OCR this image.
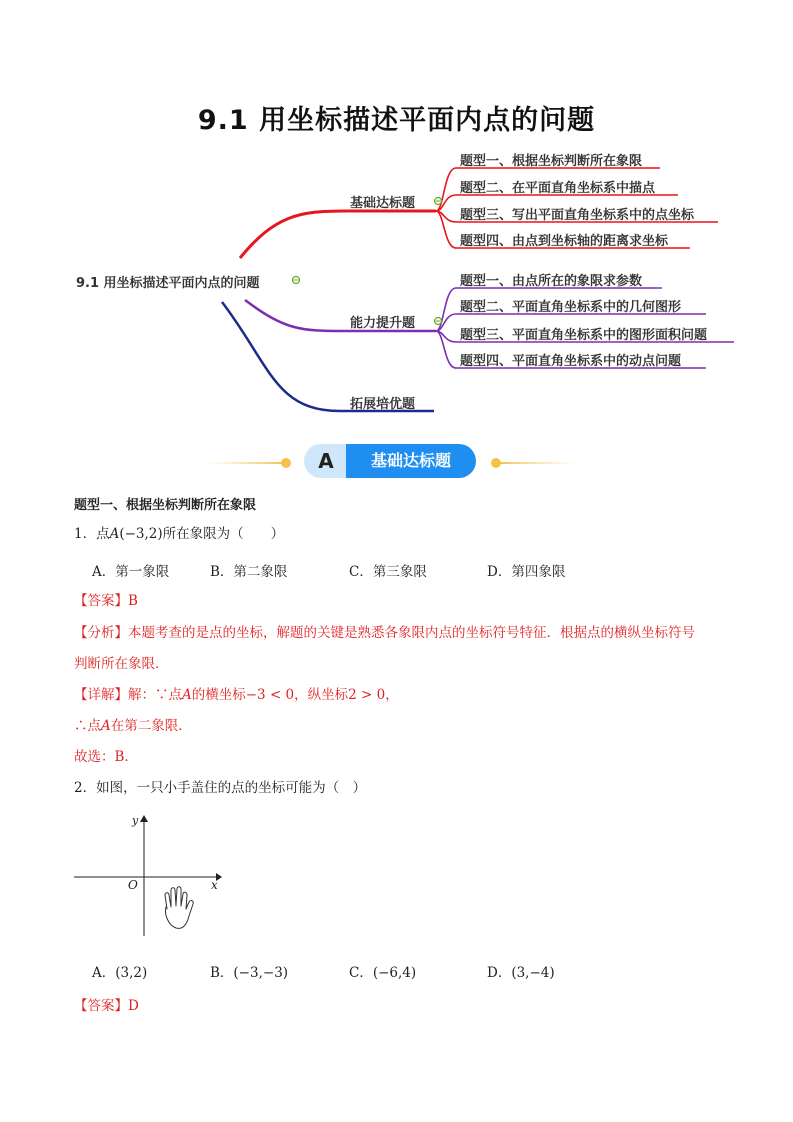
9.1 用坐标描述平面内点的问题
9.1 用坐标描述平面内点的问题
基础达标题
能力提升题
拓展培优题
题型一、根据坐标判断所在象限
题型二、在平面直角坐标系中描点
题型三、写出平面直角坐标系中的点坐标
题型四、由点到坐标轴的距离求坐标
题型一、由点所在的象限求参数
题型二、平面直角坐标系中的几何图形
题型三、平面直角坐标系中的图形面积问题
题型四、平面直角坐标系中的动点问题
A	基础达标题
题型一、根据坐标判断所在象限
1．点A(−3,2)所在象限为（　　）
A．第一象限	B．第二象限	C．第三象限	D．第四象限
【答案】B
【分析】本题考查的是点的坐标，解题的关键是熟悉各象限内点的坐标符号特征．根据点的横纵坐标符号
判断所在象限．
【详解】解：∵点A的横坐标−3 < 0，纵坐标2 > 0，
∴点A在第二象限．
故选：B．
2．如图，一只小手盖住的点的坐标可能为（　）
y
x
O
A．(3,2)	B．(−3,−3)	C．(−6,4)	D．(3,−4)
【答案】D
